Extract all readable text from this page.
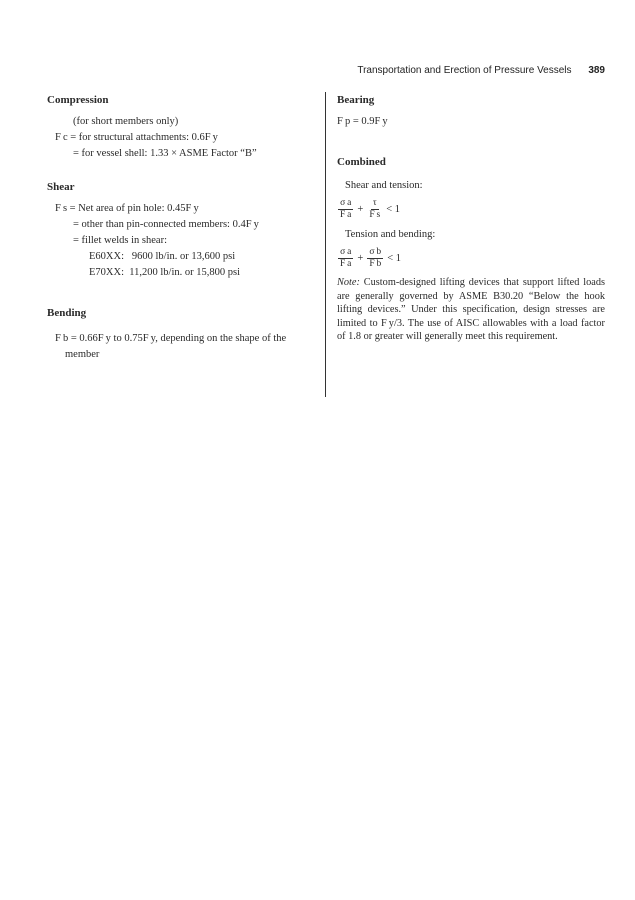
Transportation and Erection of Pressure Vessels 389
Compression

(for short members only)

F c = for structural attachments: 0.6F y

= for vessel shell: 1.33 × ASME Factor “B”

Shear

F s = Net area of pin hole: 0.45F y

= other than pin-connected members: 0.4F y

= fillet welds in shear:

E60XX:   9600 lb/in. or 13,600 psi

E70XX:  11,200 lb/in. or 15,800 psi

Bending

F b = 0.66F y to 0.75F y, depending on the shape of the

member

Bearing

F p = 0.9F y

Combined

Shear and tension:

$\frac{\text{σ a}}{\text{F a}} + \frac{\tau}{\text{F s}} < 1$

Tension and bending:

$\frac{\text{σ a}}{\text{F a}} + \frac{\text{σ b}}{\text{F b}} < 1$

Note: Custom-designed lifting devices that support lifted loads are generally governed by ASME B30.20 “Below the hook lifting devices.” Under this specification, design stresses are limited to F y/3. The use of AISC allowables with a load factor of 1.8 or greater will generally meet this requirement.
